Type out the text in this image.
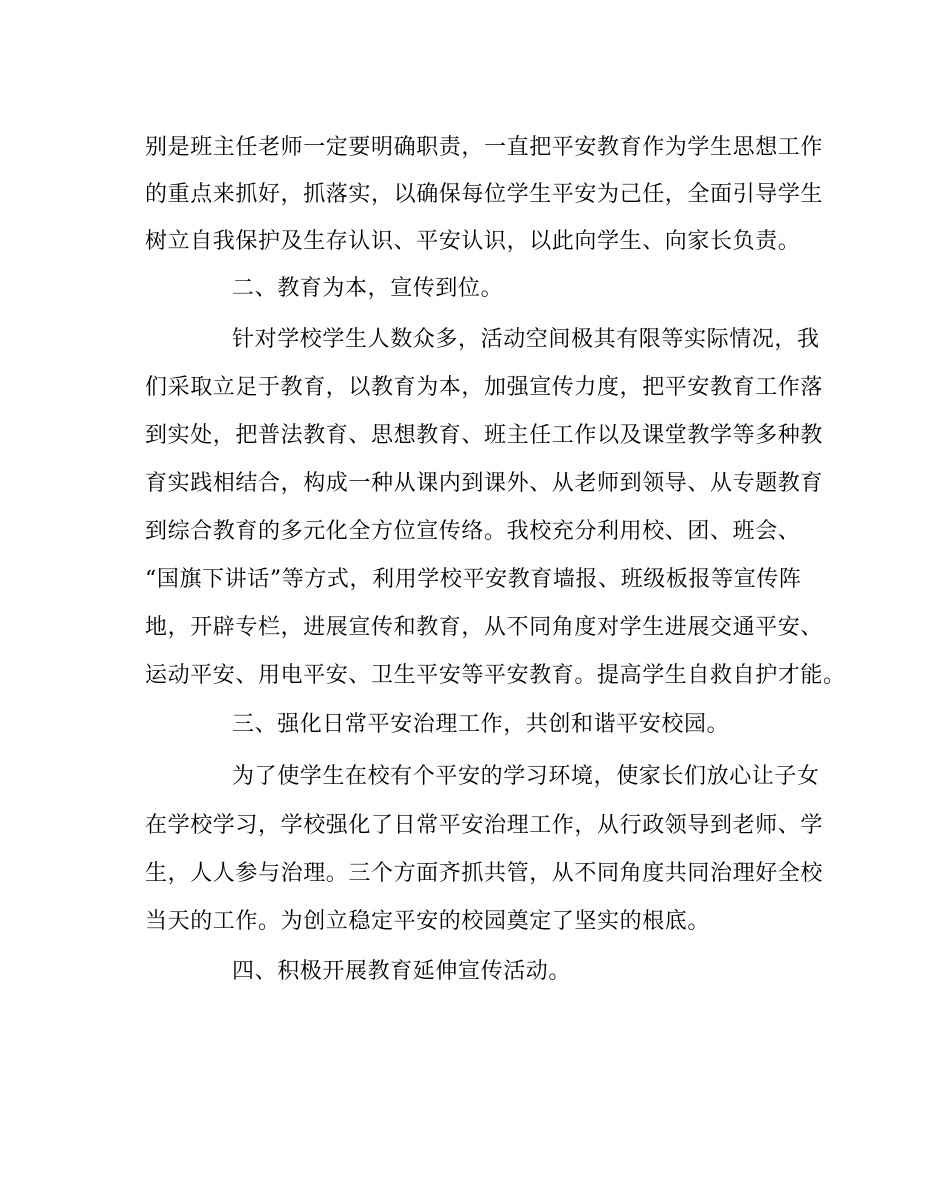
别是班主任老师一定要明确职责，一直把平安教育作为学生思想工作
的重点来抓好，抓落实，以确保每位学生平安为己任，全面引导学生
树立自我保护及生存认识、平安认识，以此向学生、向家长负责。
二、教育为本，宣传到位。
针对学校学生人数众多，活动空间极其有限等实际情况，我
们采取立足于教育，以教育为本，加强宣传力度，把平安教育工作落
到实处，把普法教育、思想教育、班主任工作以及课堂教学等多种教
育实践相结合，构成一种从课内到课外、从老师到领导、从专题教育
到综合教育的多元化全方位宣传络。我校充分利用校、团、班会、
“国旗下讲话”等方式，利用学校平安教育墙报、班级板报等宣传阵
地，开辟专栏，进展宣传和教育，从不同角度对学生进展交通平安、
运动平安、用电平安、卫生平安等平安教育。提高学生自救自护才能。
三、强化日常平安治理工作，共创和谐平安校园。
为了使学生在校有个平安的学习环境，使家长们放心让子女
在学校学习，学校强化了日常平安治理工作，从行政领导到老师、学
生，人人参与治理。三个方面齐抓共管，从不同角度共同治理好全校
当天的工作。为创立稳定平安的校园奠定了坚实的根底。
四、积极开展教育延伸宣传活动。
